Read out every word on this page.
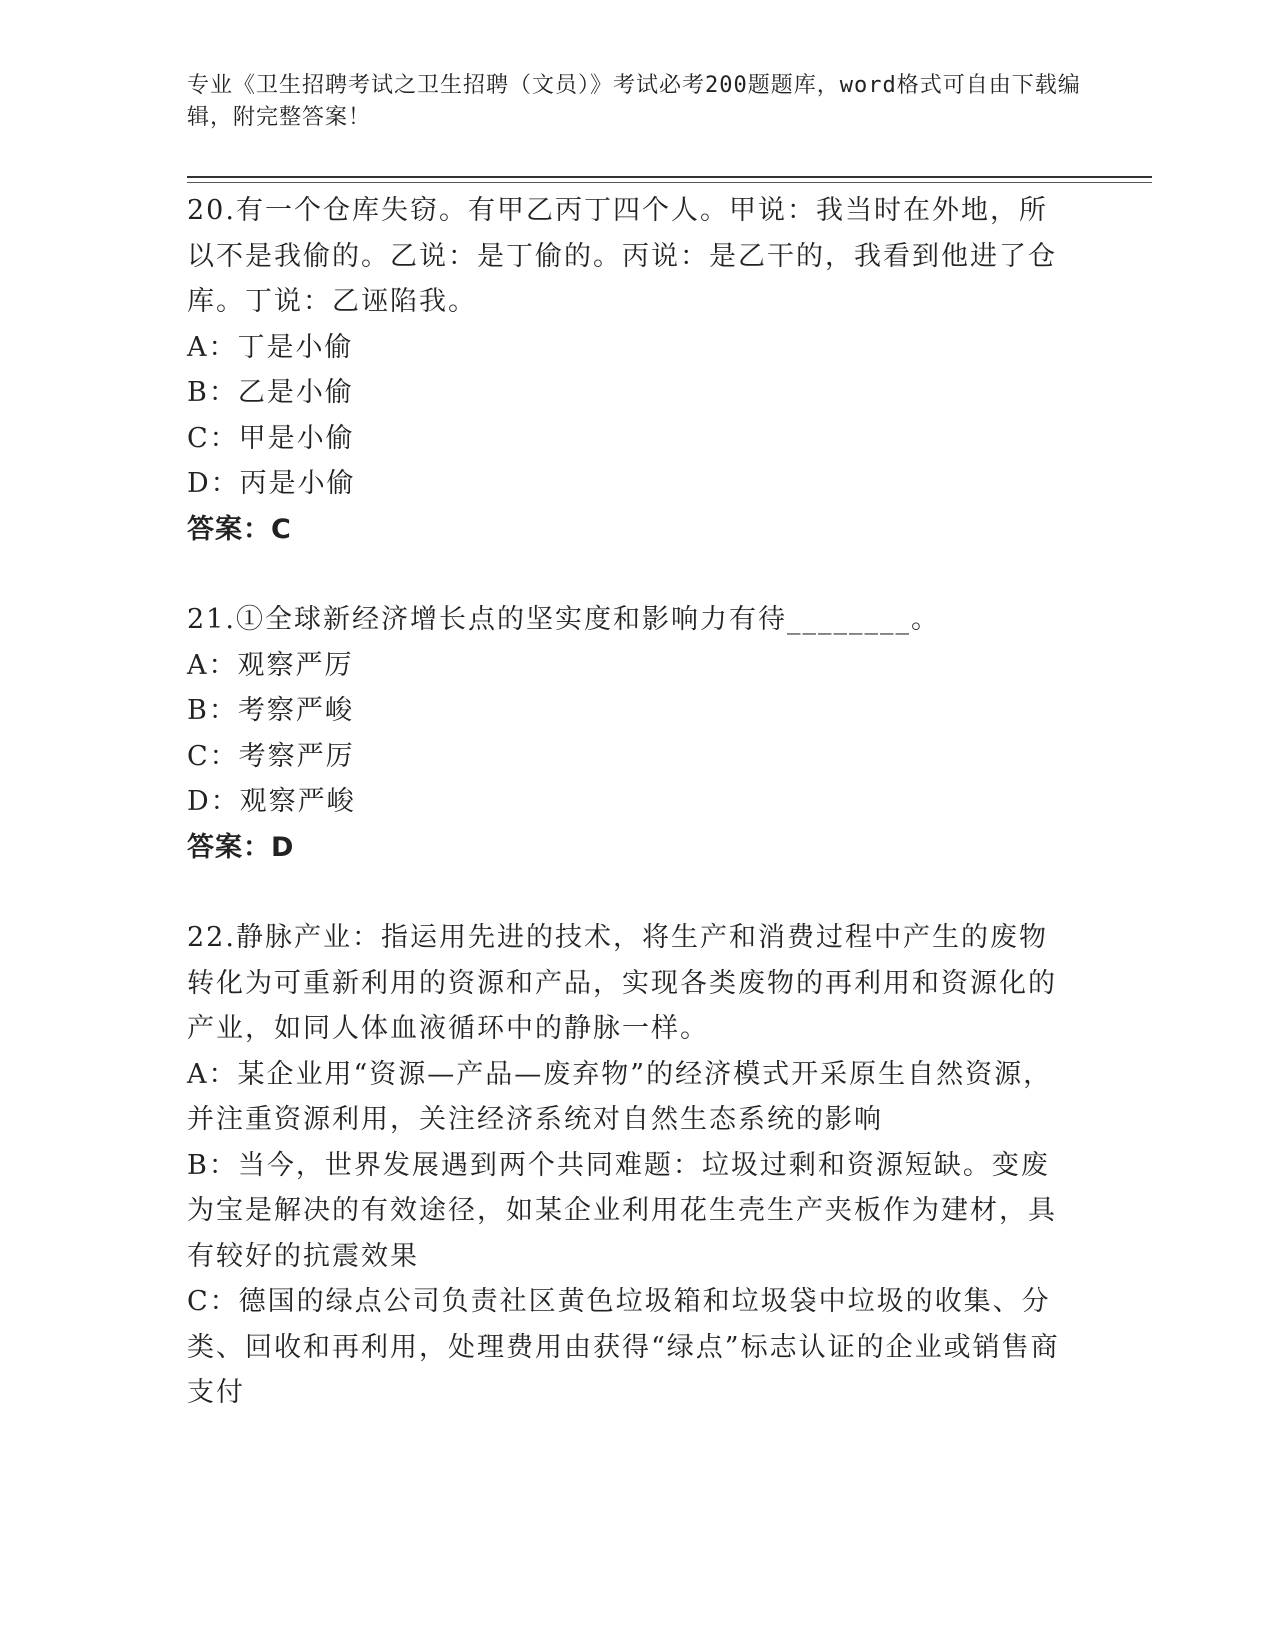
专业《卫生招聘考试之卫生招聘（文员）》考试必考200题题库，word格式可自由下载编辑，附完整答案！

20.有一个仓库失窃。有甲乙丙丁四个人。甲说：我当时在外地，所以不是我偷的。乙说：是丁偷的。丙说：是乙干的，我看到他进了仓库。丁说：乙诬陷我。

A：丁是小偷

B：乙是小偷

C：甲是小偷

D：丙是小偷

答案：C

21.①全球新经济增长点的坚实度和影响力有待________。

A：观察严厉

B：考察严峻

C：考察严厉

D：观察严峻

答案：D

22.静脉产业：指运用先进的技术，将生产和消费过程中产生的废物转化为可重新利用的资源和产品，实现各类废物的再利用和资源化的产业，如同人体血液循环中的静脉一样。

A：某企业用“资源—产品—废弃物”的经济模式开采原生自然资源，并注重资源利用，关注经济系统对自然生态系统的影响

B：当今，世界发展遇到两个共同难题：垃圾过剩和资源短缺。变废为宝是解决的有效途径，如某企业利用花生壳生产夹板作为建材，具有较好的抗震效果

C：德国的绿点公司负责社区黄色垃圾箱和垃圾袋中垃圾的收集、分类、回收和再利用，处理费用由获得“绿点”标志认证的企业或销售商支付
